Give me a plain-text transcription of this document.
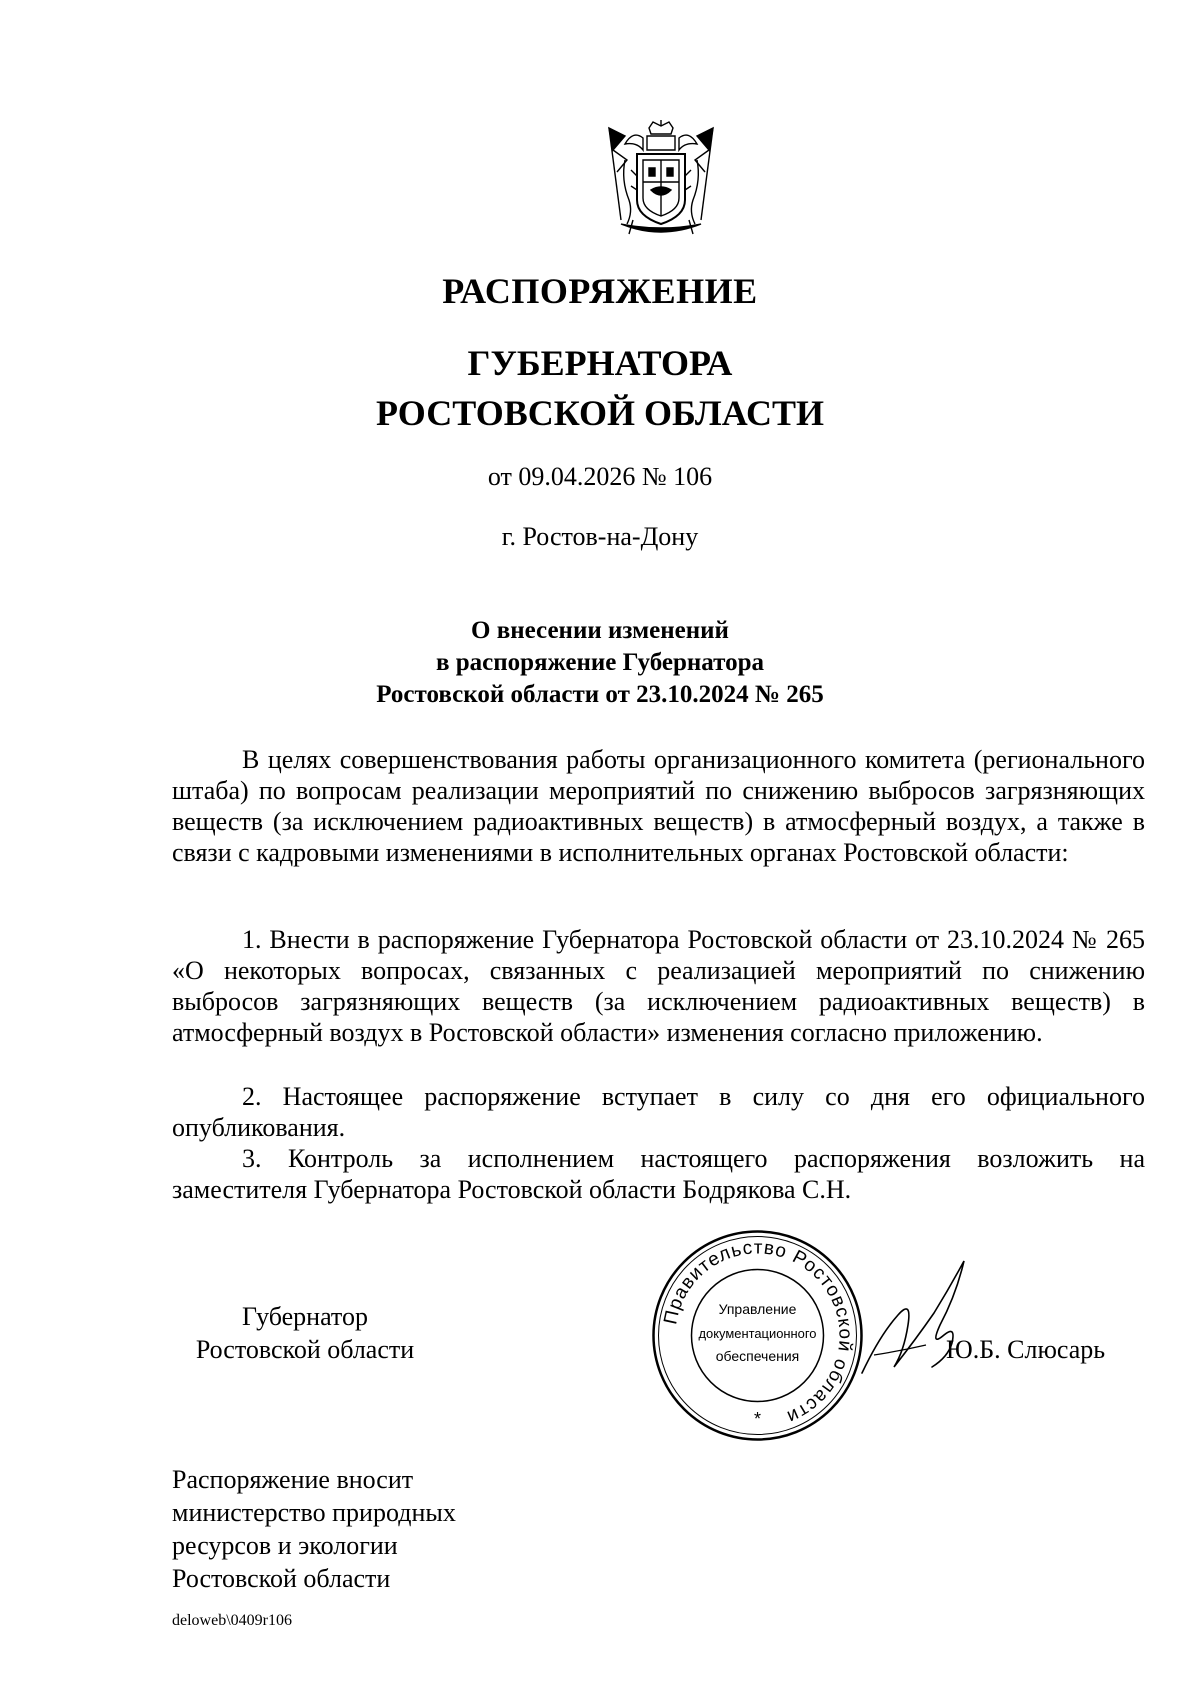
РАСПОРЯЖЕНИЕ
ГУБЕРНАТОРА
РОСТОВСКОЙ ОБЛАСТИ
от 09.04.2026 № 106
г. Ростов-на-Дону
О внесении изменений
в распоряжение Губернатора
Ростовской области от 23.10.2024 № 265

В целях совершенствования работы организационного комитета (регионального штаба) по вопросам реализации мероприятий по снижению выбросов загрязняющих веществ (за исключением радиоактивных веществ) в атмосферный воздух, а также в связи с кадровыми изменениями в исполнительных органах Ростовской области:

1. Внести в распоряжение Губернатора Ростовской области от 23.10.2024 № 265 «О некоторых вопросах, связанных с реализацией мероприятий по снижению выбросов загрязняющих веществ (за исключением радиоактивных веществ) в атмосферный воздух в Ростовской области» изменения согласно приложению.

2. Настоящее распоряжение вступает в силу со дня его официального опубликования.

3. Контроль за исполнением настоящего распоряжения возложить на заместителя Губернатора Ростовской области Бодрякова С.Н.

Губернатор
Ростовской области
Правительство Ростовской области
Управление
документационного
обеспечения
*
Ю.Б. Слюсарь
Распоряжение вносит
министерство природных
ресурсов и экологии
Ростовской области
deloweb\0409r106
